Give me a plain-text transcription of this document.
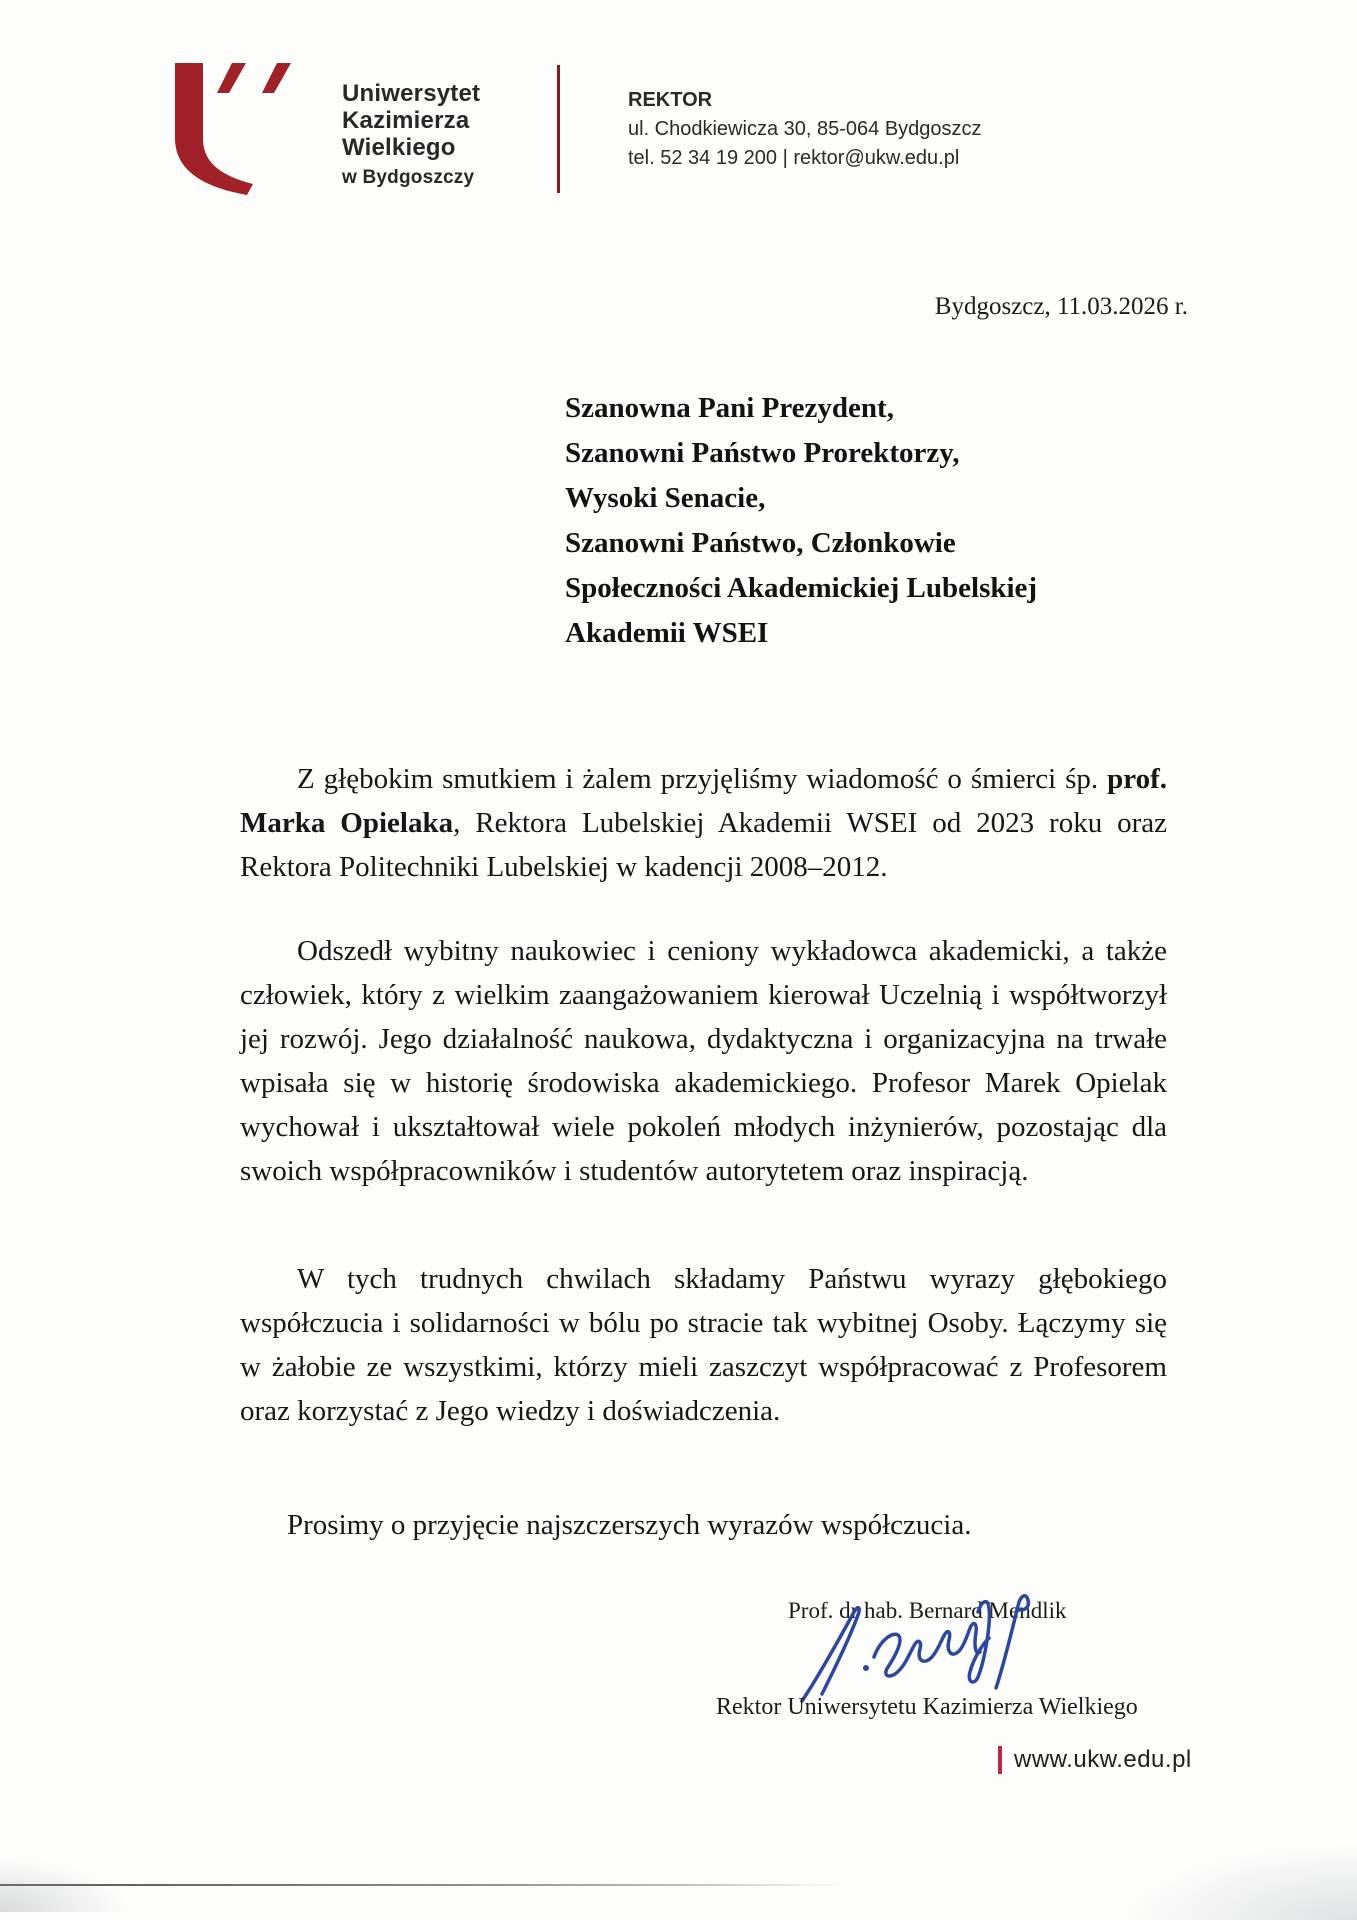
Uniwersytet
Kazimierza
Wielkiego
w Bydgoszczy
REKTOR
ul. Chodkiewicza 30, 85-064 Bydgoszcz
tel. 52 34 19 200 | rektor@ukw.edu.pl
Bydgoszcz, 11.03.2026 r.
Szanowna Pani Prezydent,
Szanowni Państwo Prorektorzy,
Wysoki Senacie,
Szanowni Państwo, Członkowie
Społeczności Akademickiej Lubelskiej
Akademii WSEI

Z głębokim smutkiem i żalem przyjęliśmy wiadomość o śmierci śp. prof. Marka Opielaka, Rektora Lubelskiej Akademii WSEI od 2023 roku oraz Rektora Politechniki Lubelskiej w kadencji 2008–2012.

Odszedł wybitny naukowiec i ceniony wykładowca akademicki, a także człowiek, który z wielkim zaangażowaniem kierował Uczelnią i współtworzył jej rozwój. Jego działalność naukowa, dydaktyczna i organizacyjna na trwałe wpisała się w historię środowiska akademickiego. Profesor Marek Opielak wychował i ukształtował wiele pokoleń młodych inżynierów, pozostając dla swoich współpracowników i studentów autorytetem oraz inspiracją.

W tych trudnych chwilach składamy Państwu wyrazy głębokiego współczucia i solidarności w bólu po stracie tak wybitnej Osoby. Łączymy się w żałobie ze wszystkimi, którzy mieli zaszczyt współpracować z Profesorem oraz korzystać z Jego wiedzy i doświadczenia.

Prosimy o przyjęcie najszczerszych wyrazów współczucia.

Prof. dr hab. Bernard Mendlik
Rektor Uniwersytetu Kazimierza Wielkiego
www.ukw.edu.pl
